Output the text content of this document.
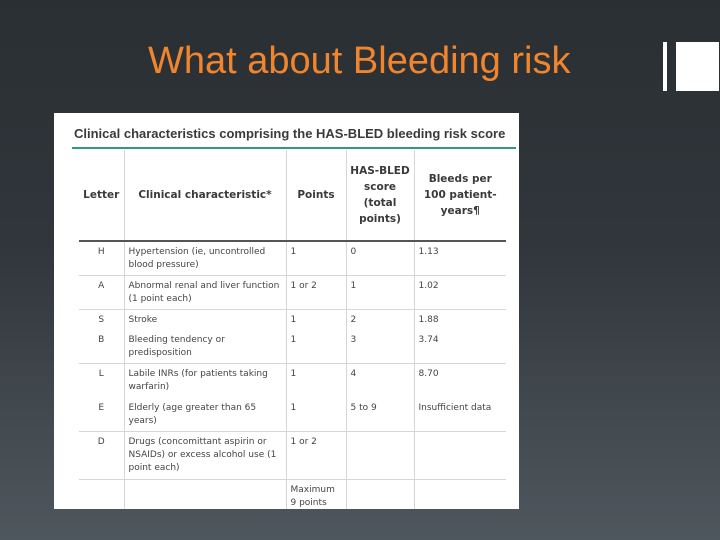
What about Bleeding risk
Clinical characteristics comprising the HAS-BLED bleeding risk score
Letter	Clinical characteristic*	Points	HAS-BLED score (total points)	Bleeds per 100 patient-years¶
H	Hypertension (ie, uncontrolled blood pressure)	1	0	1.13
A	Abnormal renal and liver function (1 point each)	1 or 2	1	1.02
S	Stroke	1	2	1.88
B	Bleeding tendency or predisposition	1	3	3.74
L	Labile INRs (for patients taking warfarin)	1	4	8.70
E	Elderly (age greater than 65 years)	1	5 to 9	Insufficient data
D	Drugs (concomittant aspirin or NSAIDs) or excess alcohol use (1 point each)	1 or 2		
		Maximum 9 points		
